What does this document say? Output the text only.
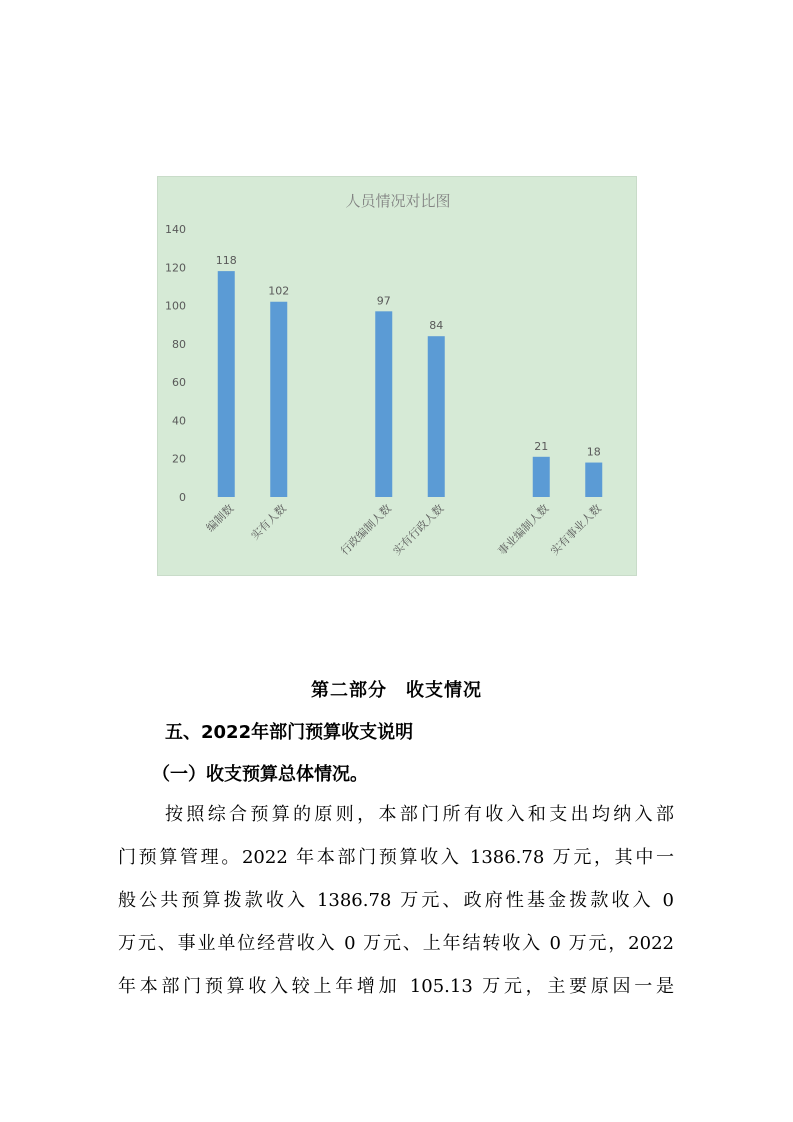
人员情况对比图
0
20
40
60
80
100
120
140
118
编制数
102
实有人数
97
行政编制人数
84
实有行政人数
21
事业编制人数
18
实有事业人数
第二部分　收支情况
五、2022年部门预算收支说明
（一）收支预算总体情况。
按照综合预算的原则，本部门所有收入和支出均纳入部
门预算管理。2022 年本部门预算收入 1386.78 万元，其中一
般公共预算拨款收入 1386.78 万元、政府性基金拨款收入 0
万元、事业单位经营收入 0 万元、上年结转收入 0 万元，2022
年本部门预算收入较上年增加 105.13 万元，主要原因一是
